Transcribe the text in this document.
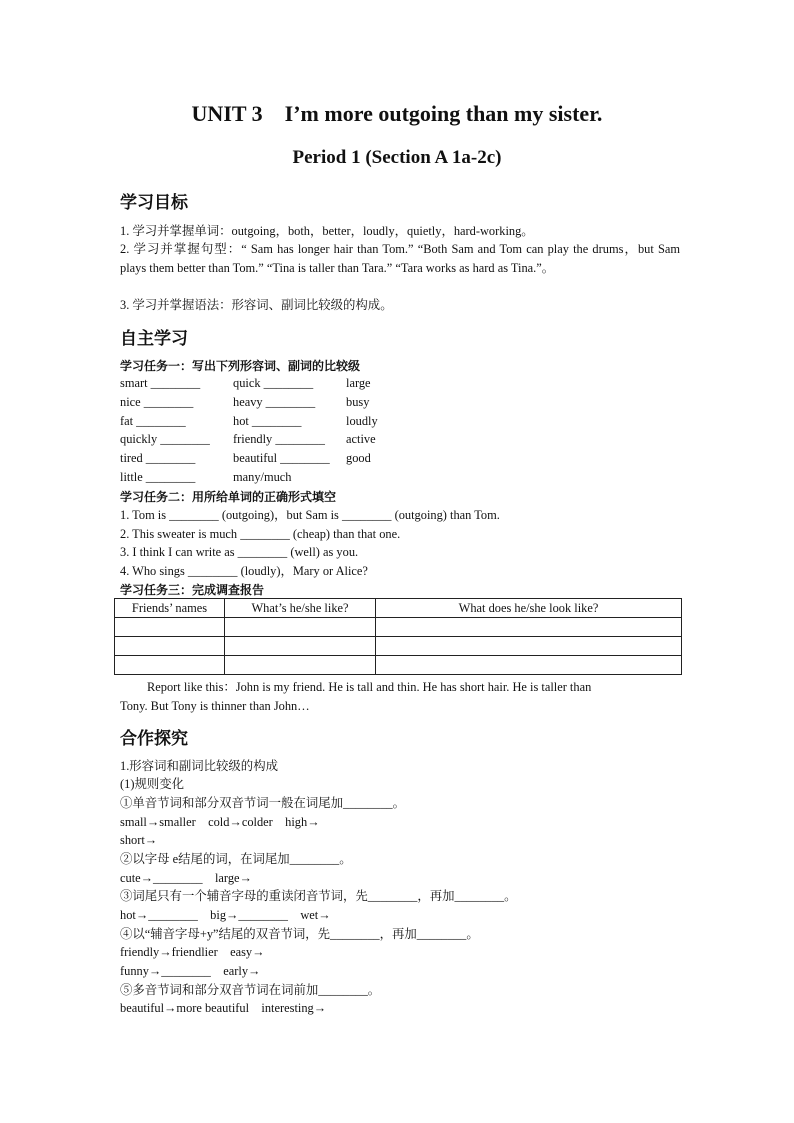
UNIT 3    I’m more outgoing than my sister.
Period 1 (Section A 1a-2c)
学习目标
1. 学习并掌握单词：outgoing，both，better，loudly，quietly，hard-working。
2. 学习并掌握句型：“ Sam has longer hair than Tom.” “Both Sam and Tom can play the drums，but Sam plays them better than Tom.” “Tina is taller than Tara.” “Tara works as hard as Tina.”。
3. 学习并掌握语法：形容词、副词比较级的构成。
自主学习
学习任务一：写出下列形容词、副词的比较级
smart ________	quick ________	large
nice ________	heavy ________ busy
fat ________	hot ________	loudly
quickly ________ friendly ________ active
tired ________	beautiful ________ good
little ________	many/much
学习任务二：用所给单词的正确形式填空
1. Tom is ________ (outgoing)，but Sam is ________ (outgoing) than Tom.
2. This sweater is much ________ (cheap) than that one.
3. I think I can write as ________ (well) as you.
4. Who sings ________ (loudly)，Mary or Alice?
学习任务三：完成调查报告
Friends’ names	What’s he/she like?	What does he/she look like?

Report like this：John is my friend. He is tall and thin. He has short hair. He is taller than
Tony. But Tony is thinner than John…
合作探究
1.形容词和副词比较级的构成
(1)规则变化
①单音节词和部分双音节词一般在词尾加________。
small→smaller    cold→colder    high→
short→
②以字母 e结尾的词，在词尾加________。
cute→________    large→
③词尾只有一个辅音字母的重读闭音节词，先________，再加________。
hot→________    big→________    wet→
④以“辅音字母+y”结尾的双音节词，先________，再加________。
friendly→friendlier    easy→
funny→________    early→
⑤多音节词和部分双音节词在词前加________。
beautiful→more beautiful    interesting→
